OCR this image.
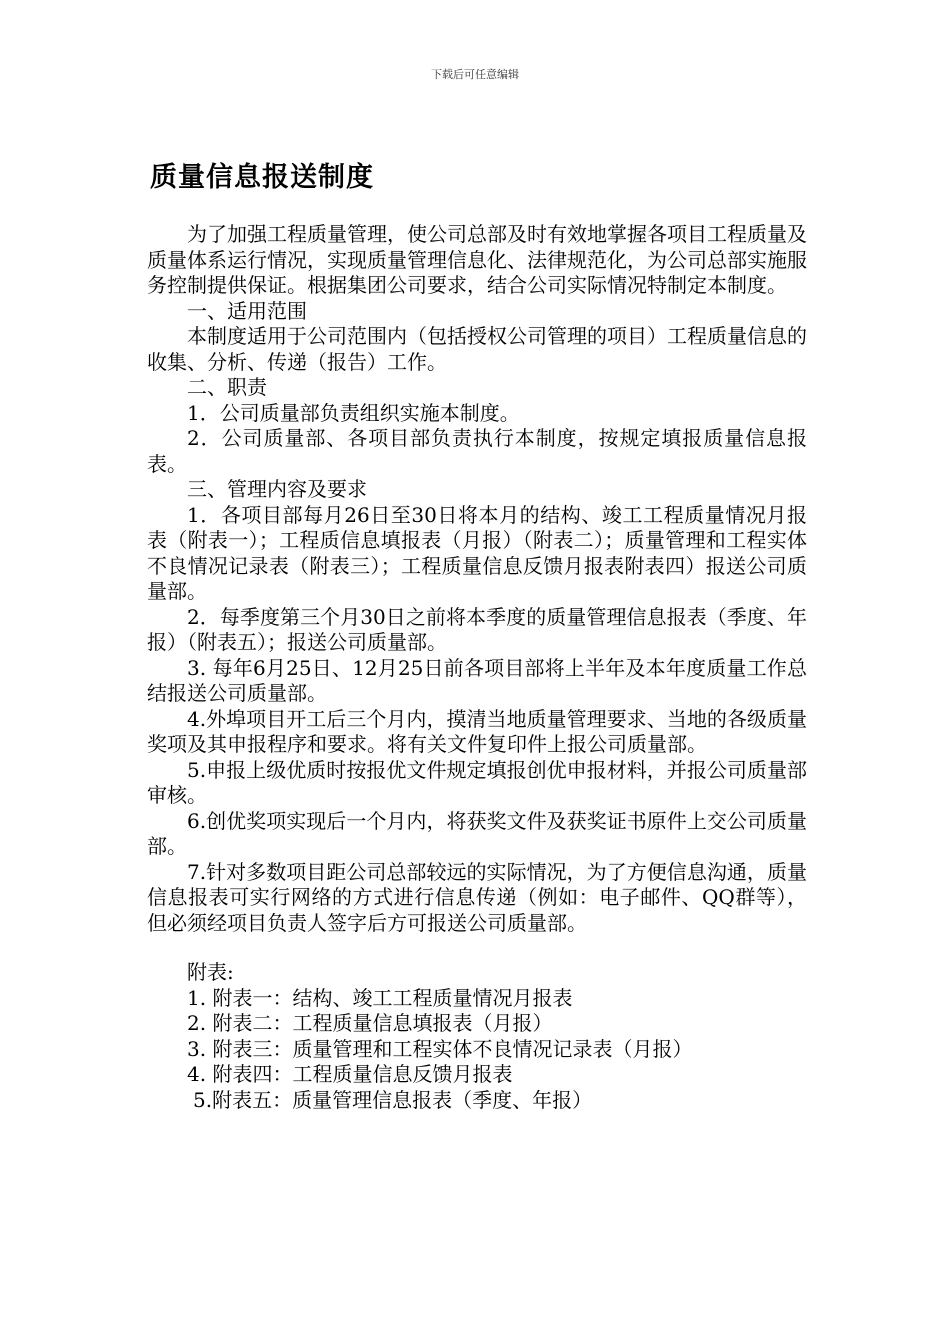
下载后可任意编辑
质量信息报送制度

为了加强工程质量管理，使公司总部及时有效地掌握各项目工程质量及质量体系运行情况，实现质量管理信息化、法律规范化，为公司总部实施服务控制提供保证。根据集团公司要求，结合公司实际情况特制定本制度。

一、适用范围

本制度适用于公司范围内（包括授权公司管理的项目）工程质量信息的收集、分析、传递（报告）工作。

二、职责

1．公司质量部负责组织实施本制度。

2．公司质量部、各项目部负责执行本制度，按规定填报质量信息报表。

三、管理内容及要求

1．各项目部每月26日至30日将本月的结构、竣工工程质量情况月报表（附表一）；工程质信息填报表（月报）（附表二）；质量管理和工程实体不良情况记录表（附表三）；工程质量信息反馈月报表附表四）报送公司质量部。

2．每季度第三个月30日之前将本季度的质量管理信息报表（季度、年报）（附表五）；报送公司质量部。

3. 每年6月25日、12月25日前各项目部将上半年及本年度质量工作总结报送公司质量部。

4.外埠项目开工后三个月内，摸清当地质量管理要求、当地的各级质量奖项及其申报程序和要求。将有关文件复印件上报公司质量部。

5.申报上级优质时按报优文件规定填报创优申报材料，并报公司质量部审核。

6.创优奖项实现后一个月内，将获奖文件及获奖证书原件上交公司质量部。

7.针对多数项目距公司总部较远的实际情况，为了方便信息沟通，质量信息报表可实行网络的方式进行信息传递（例如：电子邮件、QQ群等），但必须经项目负责人签字后方可报送公司质量部。

附表:

1. 附表一：结构、竣工工程质量情况月报表

2. 附表二：工程质量信息填报表（月报）

3. 附表三：质量管理和工程实体不良情况记录表（月报）

4. 附表四：工程质量信息反馈月报表

5.附表五：质量管理信息报表（季度、年报）
